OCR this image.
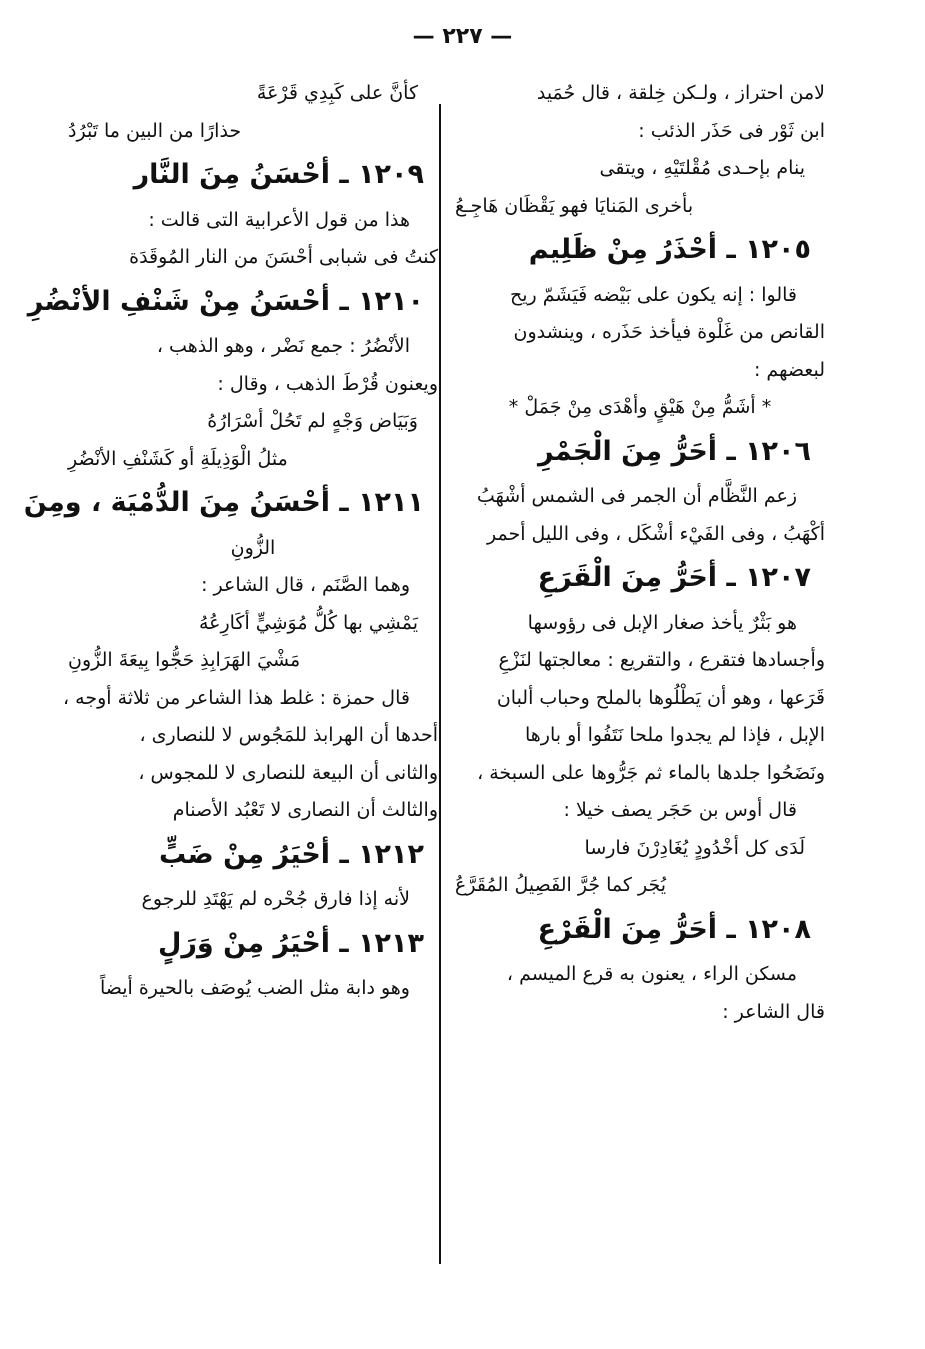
— ٢٢٧ —
لامن احتراز ، ولـكن خِلقة ، قال حُمَيد
ابن ثَوْر فى حَذَر الذئب :
ينام بإحـدى مُقْلتَيْهِ ، ويتقى
بأخرى المَنايَا فهو يَقْظَان هَاجِـعُ
١٢٠٥ ـ أحْذَرُ مِنْ ظَلِيم
قالوا : إنه يكون على بَيْضه فَيَشَمّ ريح
القانص من غَلْوة فيأخذ حَذَره ، وينشدون
لبعضهم :
* أشَمُّ مِنْ هَيْقٍ وأهْدَى مِنْ جَمَلْ *
١٢٠٦ ـ أحَرُّ مِنَ الْجَمْرِ
زعم النَّظَّام أن الجمر فى الشمس أشْهَبُ
أكْهَبُ ، وفى الفَيْء أشْكَل ، وفى الليل أحمر
١٢٠٧ ـ أحَرُّ مِنَ الْقَرَعِ
هو بَثْرٌ يأخذ صغار الإبل فى رؤوسها
وأجسادها فتقرع ، والتقريع : معالجتها لنَزْعِ
قَرَعها ، وهو أن يَطْلُوها بالملح وحباب ألبان
الإبل ، فإذا لم يجدوا ملحا نَتَفُوا أو بارها
ونَضَحُوا جلدها بالماء ثم جَرُّوها على السبخة ،
قال أوس بن حَجَر يصف خيلا :
لَدَى كل أخْدُودٍ يُغَادِرْنَ فارسا
يُجَر كما جُرَّ الفَصِيلُ المُقَرَّعُ
١٢٠٨ ـ أحَرُّ مِنَ الْقَرْعِ
مسكن الراء ، يعنون به قرع الميسم ،
قال الشاعر :
كأنَّ على كَبِدِي قَرْعَةً
حذارًا من البين ما تَبْرُدُ
١٢٠٩ ـ أحْسَنُ مِنَ النَّار
هذا من قول الأعرابية التى قالت :
كنتُ فى شبابى أحْسَنَ من النار المُوقَدَة
١٢١٠ ـ أحْسَنُ مِنْ شَنْفِ الأنْضُرِ
الأنْضُرُ : جمع نَضْر ، وهو الذهب ،
ويعنون قُرْطَ الذهب ، وقال :
وَبَيَاض وَجْهٍ لم تَحُلْ أسْرَارُهُ
مثلُ الْوَذِيلَةِ أو كَشَنْفِ الأنْضُرِ
١٢١١ ـ أحْسَنُ مِنَ الدُّمْيَة ، ومِنَ
الزُّونِ
وهما الصَّنَم ، قال الشاعر :
يَمْشِي بها كُلُّ مُوَشِيٍّ أكَارِعُهُ
مَشْيَ الهَرَابِذِ حَجُّوا بِيعَةَ الزُّونِ
قال حمزة : غلط هذا الشاعر من ثلاثة أوجه ،
أحدها أن الهرابذ للمَجُوس لا للنصارى ،
والثانى أن البيعة للنصارى لا للمجوس ،
والثالث أن النصارى لا تَعْبُد الأصنام
١٢١٢ ـ أحْيَرُ مِنْ ضَبٍّ
لأنه إذا فارق جُحْره لم يَهْتَدِ للرجوع
١٢١٣ ـ أحْيَرُ مِنْ وَرَلٍ
وهو دابة مثل الضب يُوصَف بالحيرة أيضاً
